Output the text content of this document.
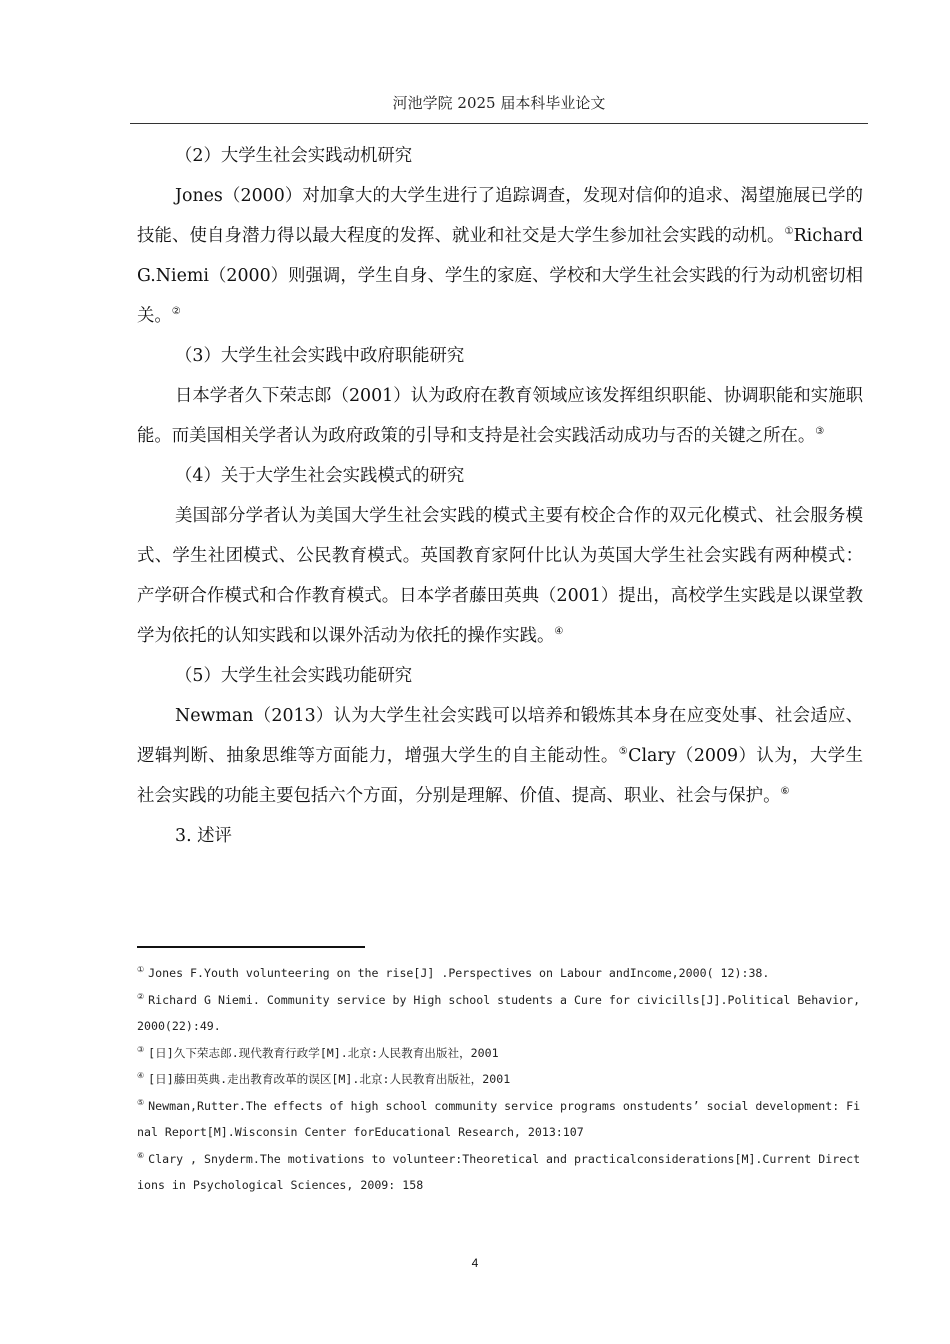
河池学院 2025 届本科毕业论文

（2）大学生社会实践动机研究

Jones（2000）对加拿大的大学生进行了追踪调查，发现对信仰的追求、渴望施展已学的技能、使自身潜力得以最大程度的发挥、就业和社交是大学生参加社会实践的动机。①Richard G.Niemi（2000）则强调，学生自身、学生的家庭、学校和大学生社会实践的行为动机密切相关。②

（3）大学生社会实践中政府职能研究

日本学者久下荣志郎（2001）认为政府在教育领域应该发挥组织职能、协调职能和实施职能。而美国相关学者认为政府政策的引导和支持是社会实践活动成功与否的关键之所在。③

（4）关于大学生社会实践模式的研究

美国部分学者认为美国大学生社会实践的模式主要有校企合作的双元化模式、社会服务模式、学生社团模式、公民教育模式。英国教育家阿什比认为英国大学生社会实践有两种模式：产学研合作模式和合作教育模式。日本学者藤田英典（2001）提出，高校学生实践是以课堂教学为依托的认知实践和以课外活动为依托的操作实践。④

（5）大学生社会实践功能研究

Newman（2013）认为大学生社会实践可以培养和锻炼其本身在应变处事、社会适应、逻辑判断、抽象思维等方面能力，增强大学生的自主能动性。⑤Clary（2009）认为，大学生社会实践的功能主要包括六个方面，分别是理解、价值、提高、职业、社会与保护。⑥

3. 述评

① Jones F.Youth volunteering on the rise[J] .Perspectives on Labour andIncome,2000( 12):38.

② Richard G Niemi. Community service by High school students a Cure for civicills[J].Political Behavior,2000(22):49.

③ [日]久下荣志郎.现代教育行政学[M].北京:人民教育出版社，2001

④ [日]藤田英典.走出教育改革的误区[M].北京:人民教育出版社，2001

⑤ Newman,Rutter.The effects of high school community service programs onstudents’ social development: Final Report[M].Wisconsin Center forEducational Research, 2013:107

⑥ Clary , Snyderm.The motivations to volunteer:Theoretical and practicalconsiderations[M].Current Directions in Psychological Sciences, 2009: 158

4
